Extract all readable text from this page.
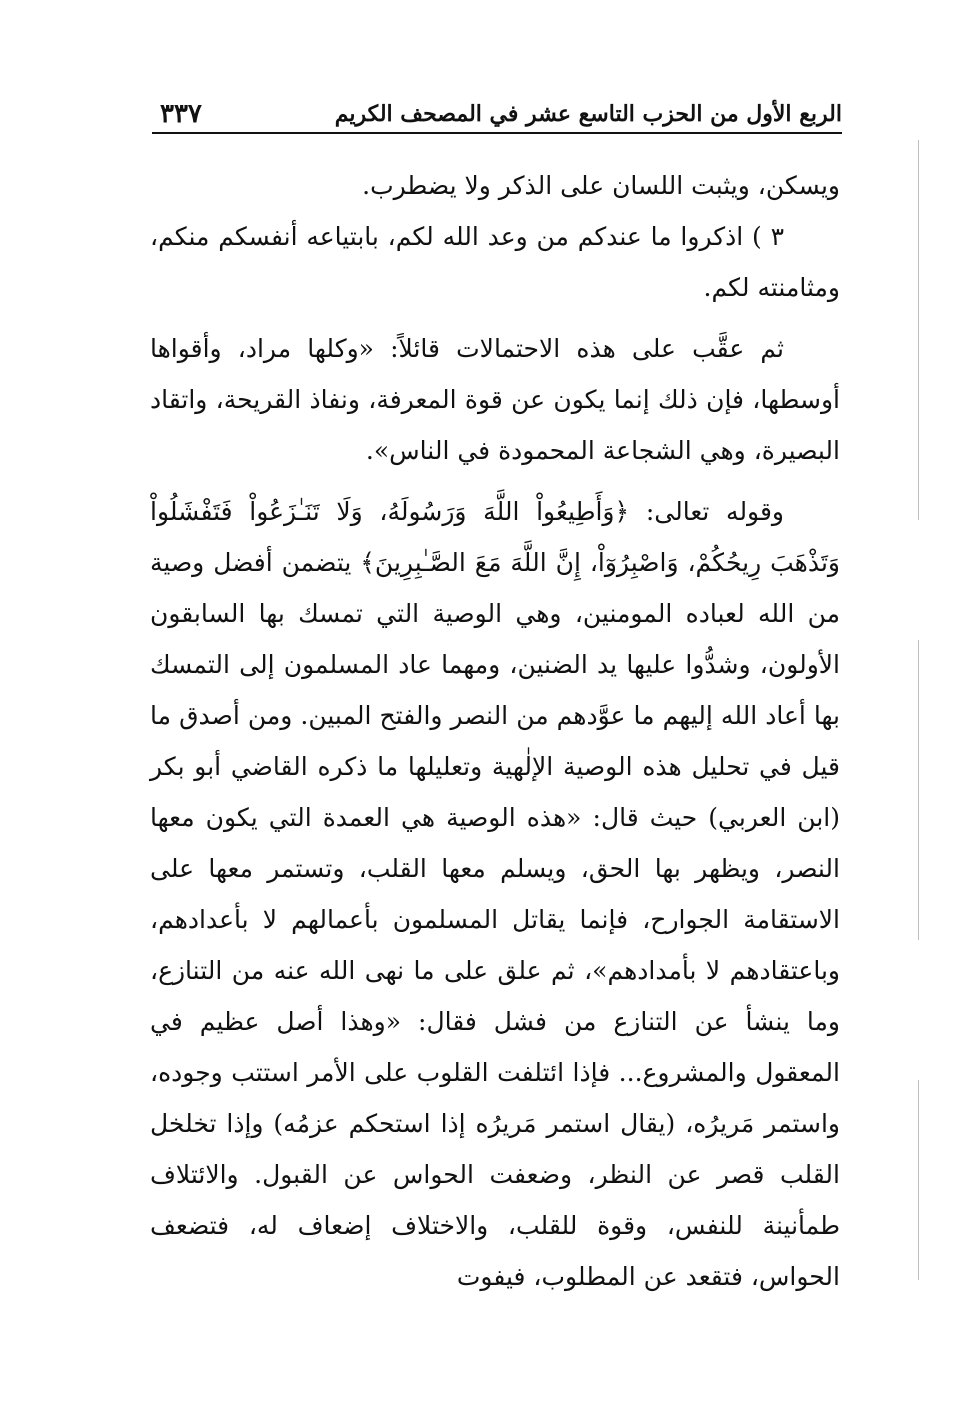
الربع الأول من الحزب التاسع عشر في المصحف الكريم
٣٣٧

ويسكن، ويثبت اللسان على الذكر ولا يضطرب.

٣ ) اذكروا ما عندكم من وعد الله لكم، بابتياعه أنفسكم منكم، ومثامنته لكم.

ثم عقَّب على هذه الاحتمالات قائلاً: «وكلها مراد، وأقواها أوسطها، فإن ذلك إنما يكون عن قوة المعرفة، ونفاذ القريحة، واتقاد البصيرة، وهي الشجاعة المحمودة في الناس».

وقوله تعالى: ﴿وَأَطِيعُواْ اللَّهَ وَرَسُولَهُ، وَلَا تَنَـٰزَعُواْ فَتَفْشَلُواْ وَتَذْهَبَ رِيحُكُمْ، وَاصْبِرُوٓاْ، إِنَّ اللَّهَ مَعَ الصَّـٰبِرِينَ﴾ يتضمن أفضل وصية من الله لعباده المومنين، وهي الوصية التي تمسك بها السابقون الأولون، وشدُّوا عليها يد الضنين، ومهما عاد المسلمون إلى التمسك بها أعاد الله إليهم ما عوَّدهم من النصر والفتح المبين. ومن أصدق ما قيل في تحليل هذه الوصية الإلٰهية وتعليلها ما ذكره القاضي أبو بكر (ابن العربي) حيث قال: «هذه الوصية هي العمدة التي يكون معها النصر، ويظهر بها الحق، ويسلم معها القلب، وتستمر معها على الاستقامة الجوارح، فإنما يقاتل المسلمون بأعمالهم لا بأعدادهم، وباعتقادهم لا بأمدادهم»، ثم علق على ما نهى الله عنه من التنازع، وما ينشأ عن التنازع من فشل فقال: «وهذا أصل عظيم في المعقول والمشروع... فإذا ائتلفت القلوب على الأمر استتب وجوده، واستمر مَريرُه، (يقال استمر مَريرُه إذا استحكم عزمُه) وإذا تخلخل القلب قصر عن النظر، وضعفت الحواس عن القبول. والائتلاف طمأنينة للنفس، وقوة للقلب، والاختلاف إضعاف له، فتضعف الحواس، فتقعد عن المطلوب، فيفوت
